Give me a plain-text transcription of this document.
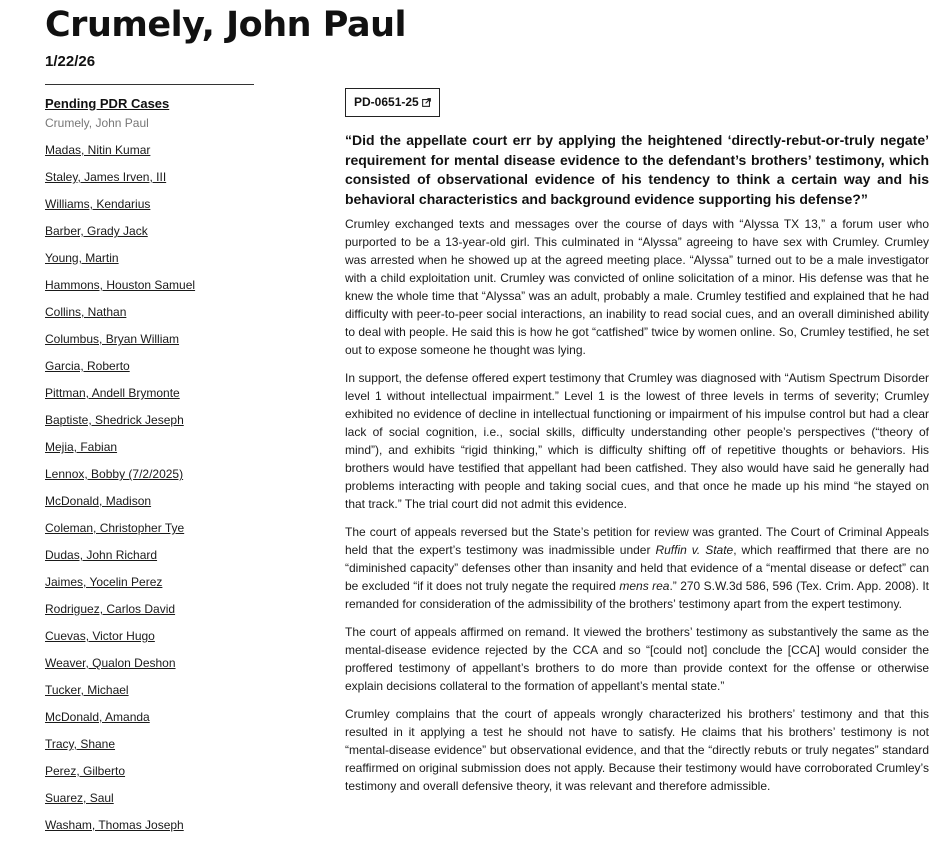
Crumely, John Paul
1/22/26
Pending PDR Cases
Crumely, John Paul
Madas, Nitin Kumar
Staley, James Irven, III
Williams, Kendarius
Barber, Grady Jack
Young, Martin
Hammons, Houston Samuel
Collins, Nathan
Columbus, Bryan William
Garcia, Roberto
Pittman, Andell Brymonte
Baptiste, Shedrick Jeseph
Mejia, Fabian
Lennox, Bobby (7/2/2025)
McDonald, Madison
Coleman, Christopher Tye
Dudas, John Richard
Jaimes, Yocelin Perez
Rodriguez, Carlos David
Cuevas, Victor Hugo
Weaver, Qualon Deshon
Tucker, Michael
McDonald, Amanda
Tracy, Shane
Perez, Gilberto
Suarez, Saul
Washam, Thomas Joseph
PD-0651-25

“Did the appellate court err by applying the heightened ‘directly-rebut-or-truly negate’ requirement for mental disease evidence to the defendant’s brothers’ testimony, which consisted of observational evidence of his tendency to think a certain way and his behavioral characteristics and background evidence supporting his defense?”

Crumley exchanged texts and messages over the course of days with “Alyssa TX 13,” a forum user who purported to be a 13-year-old girl. This culminated in “Alyssa” agreeing to have sex with Crumley. Crumley was arrested when he showed up at the agreed meeting place. “Alyssa” turned out to be a male investigator with a child exploitation unit. Crumley was convicted of online solicitation of a minor. His defense was that he knew the whole time that “Alyssa” was an adult, probably a male. Crumley testified and explained that he had difficulty with peer-to-peer social interactions, an inability to read social cues, and an overall diminished ability to deal with people. He said this is how he got “catfished” twice by women online. So, Crumley testified, he set out to expose someone he thought was lying.

In support, the defense offered expert testimony that Crumley was diagnosed with “Autism Spectrum Disorder level 1 without intellectual impairment.” Level 1 is the lowest of three levels in terms of severity; Crumley exhibited no evidence of decline in intellectual functioning or impairment of his impulse control but had a clear lack of social cognition, i.e., social skills, difficulty understanding other people’s perspectives (“theory of mind”), and exhibits “rigid thinking,” which is difficulty shifting off of repetitive thoughts or behaviors. His brothers would have testified that appellant had been catfished. They also would have said he generally had problems interacting with people and taking social cues, and that once he made up his mind “he stayed on that track.” The trial court did not admit this evidence.

The court of appeals reversed but the State’s petition for review was granted. The Court of Criminal Appeals held that the expert’s testimony was inadmissible under Ruffin v. State, which reaffirmed that there are no “diminished capacity” defenses other than insanity and held that evidence of a “mental disease or defect” can be excluded “if it does not truly negate the required mens rea.” 270 S.W.3d 586, 596 (Tex. Crim. App. 2008). It remanded for consideration of the admissibility of the brothers’ testimony apart from the expert testimony.

The court of appeals affirmed on remand. It viewed the brothers’ testimony as substantively the same as the mental-disease evidence rejected by the CCA and so “[could not] conclude the [CCA] would consider the proffered testimony of appellant’s brothers to do more than provide context for the offense or otherwise explain decisions collateral to the formation of appellant’s mental state.”

Crumley complains that the court of appeals wrongly characterized his brothers’ testimony and that this resulted in it applying a test he should not have to satisfy. He claims that his brothers’ testimony is not “mental-disease evidence” but observational evidence, and that the “directly rebuts or truly negates” standard reaffirmed on original submission does not apply. Because their testimony would have corroborated Crumley’s testimony and overall defensive theory, it was relevant and therefore admissible.
